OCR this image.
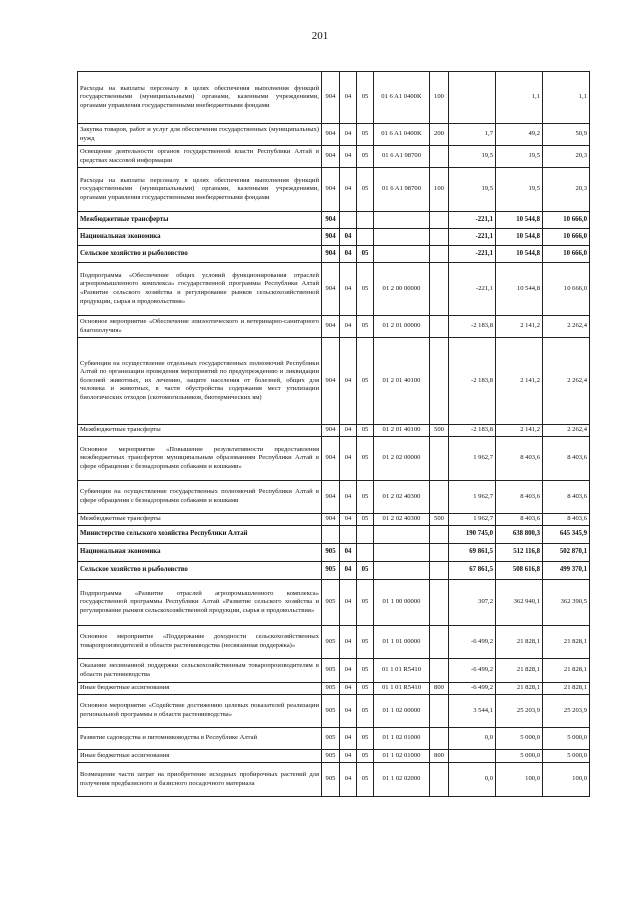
201
Расходы на выплаты персоналу в целях обеспечения выполнения функций государственными (муниципальными) органами, казенными учреждениями, органами управления государственными внебюджетными фондами	904	04	05	01 6 A1 0400K	100		1,1	1,1
Закупка товаров, работ и услуг для обеспечения государственных (муниципальных) нужд	904	04	05	01 6 A1 0400K	200	1,7	49,2	50,9
Освещение деятельности органов государственной власти Республики Алтай в средствах массовой информации	904	04	05	01 6 A1 98700		19,5	19,5	20,3
Расходы на выплаты персоналу в целях обеспечения выполнения функций государственными (муниципальными) органами, казенными учреждениями, органами управления государственными внебюджетными фондами	904	04	05	01 6 A1 98700	100	19,5	19,5	20,3
Межбюджетные трансферты	904					-221,1	10 544,8	10 666,0
Национальная экономика	904	04				-221,1	10 544,8	10 666,0
Сельское хозяйство и рыболовство	904	04	05			-221,1	10 544,8	10 666,0
Подпрограмма «Обеспечение общих условий функционирования отраслей агропромышленного комплекса» государственной программы Республики Алтай «Развитие сельского хозяйства и регулирование рынков сельскохозяйственной продукции, сырья и продовольствия»	904	04	05	01 2 00 00000		-221,1	10 544,8	10 666,0
Основное мероприятие «Обеспечение эпизоотического и ветеринарно-санитарного благополучия»	904	04	05	01 2 01 00000		-2 183,8	2 141,2	2 262,4
Субвенции на осуществление отдельных государственных полномочий Республики Алтай по организации проведения мероприятий по предупреждению и ликвидации болезней животных, их лечению, защите населения от болезней, общих для человека и животных, в части обустройства содержания мест утилизации биологических отходов (скотомогильников, биотермических ям)	904	04	05	01 2 01 40100		-2 183,8	2 141,2	2 262,4
Межбюджетные трансферты	904	04	05	01 2 01 40100	500	-2 183,8	2 141,2	2 262,4
Основное мероприятие «Повышение результативности предоставления межбюджетных трансфертов муниципальным образованиям Республики Алтай в сфере обращения с безнадзорными собаками и кошками»	904	04	05	01 2 02 00000		1 962,7	8 403,6	8 403,6
Субвенции на осуществление государственных полномочий Республики Алтай в сфере обращения с безнадзорными собаками и кошками	904	04	05	01 2 02 40300		1 962,7	8 403,6	8 403,6
Межбюджетные трансферты	904	04	05	01 2 02 40300	500	1 962,7	8 403,6	8 403,6
Министерство сельского хозяйства Республики Алтай						190 745,0	638 800,3	645 345,9
Национальная экономика	905	04				69 861,5	512 116,8	502 870,1
Сельское хозяйство и рыболовство	905	04	05			67 861,5	508 616,8	499 370,1
Подпрограмма «Развитие отраслей агропромышленного комплекса» государственной программы Республики Алтай «Развитие сельского хозяйства и регулирование рынков сельскохозяйственной продукции, сырья и продовольствия»	905	04	05	01 1 00 00000		307,2	362 940,1	362 390,5
Основное мероприятие «Поддержание доходности сельскохозяйственных товаропроизводителей в области растениеводства (несвязанная поддержка)»	905	04	05	01 1 01 00000		-6 499,2	21 828,1	21 828,1
Оказание несвязанной поддержки сельскохозяйственным товаропроизводителям в области растениеводства	905	04	05	01 1 01 R5410		-6 499,2	21 828,1	21 828,1
Иные бюджетные ассигнования	905	04	05	01 1 01 R5410	800	-6 499,2	21 828,1	21 828,1
Основное мероприятие «Содействие достижению целевых показателей реализации региональной программы в области растениеводства»	905	04	05	01 1 02 00000		3 544,1	25 203,9	25 203,9
Развитие садоводства и питомниководства в Республике Алтай	905	04	05	01 1 02 01000		0,0	5 000,0	5 000,0
Иные бюджетные ассигнования	905	04	05	01 1 02 01000	800		5 000,0	5 000,0
Возмещение части затрат на приобретение исходных пробирочных растений для получения предбазисного и базисного посадочного материала	905	04	05	01 1 02 02000		0,0	100,0	100,0
